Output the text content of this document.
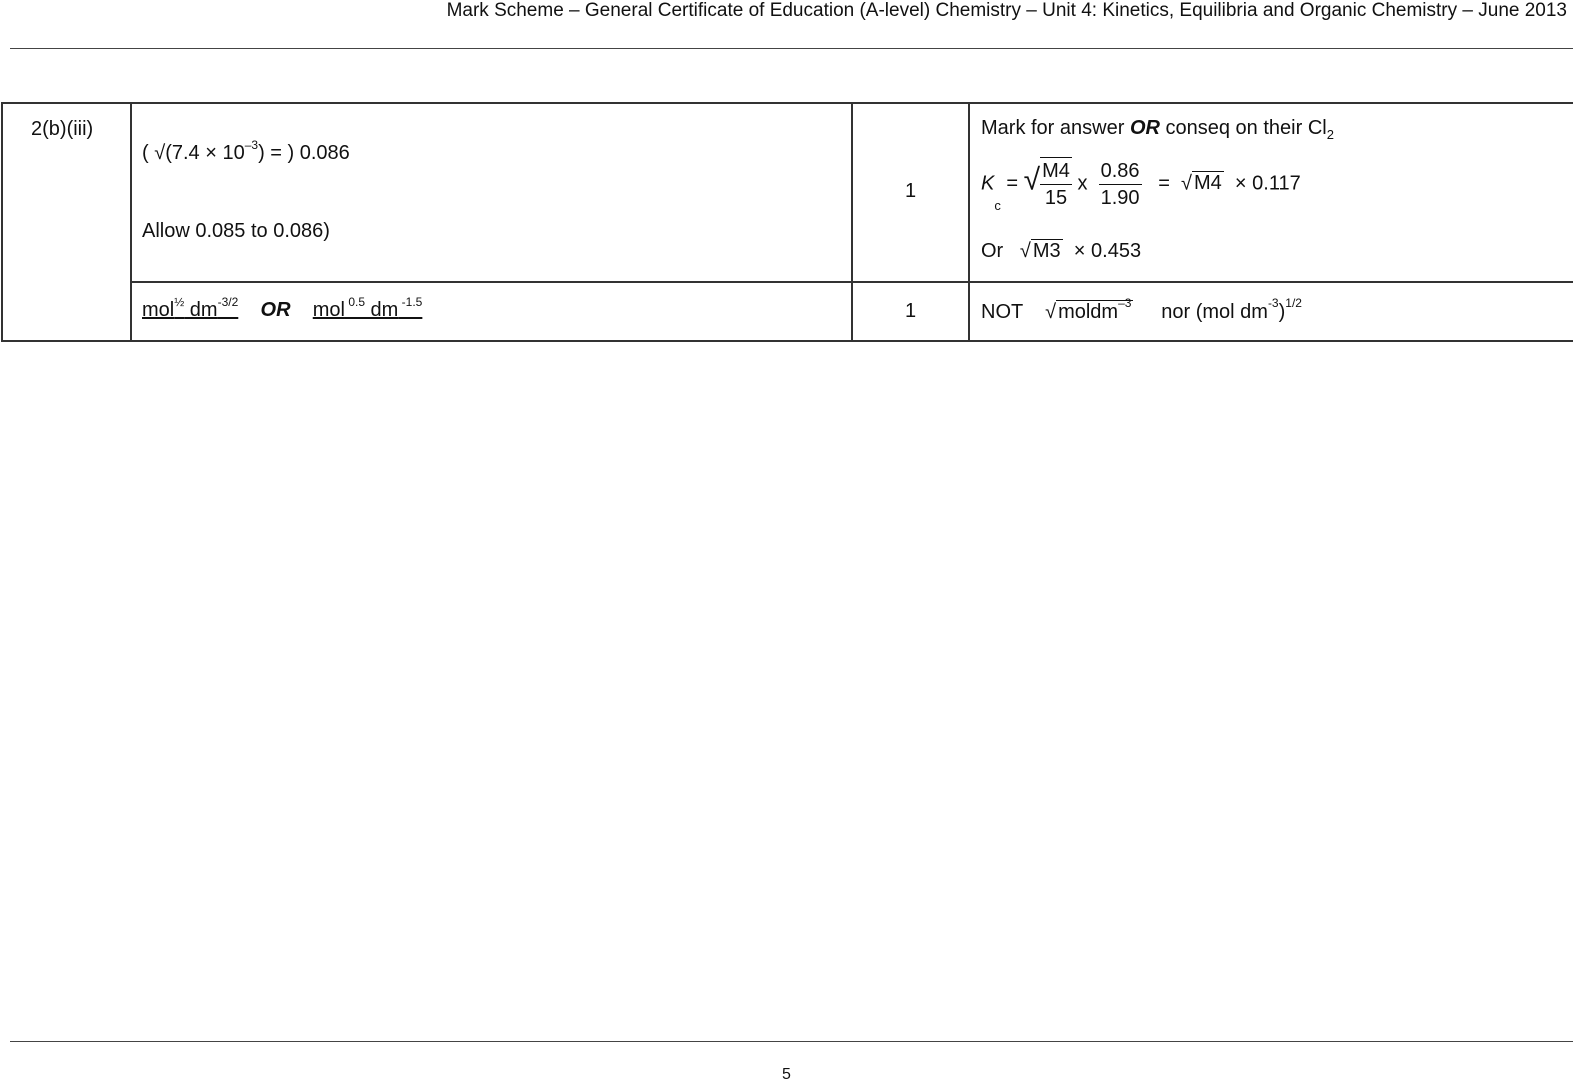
Mark Scheme – General Certificate of Education (A-level) Chemistry – Unit 4: Kinetics, Equilibria and Organic Chemistry – June 2013
2(b)(iii)
( $√(7.4 \times 10^{-3})$ = ) 0.086
Allow 0.085 to 0.086)
1
Mark for answer OR conseq on their $Cl_2$
$K_c$ = √ $\frac{M4}{15}$ x $\frac{0.86}{1.90}$ =  √ M4 × 0.117
Or   √ M3 × 0.453
mol$^{\frac{1}{2}}$ $dm^{-3/2}$ OR mol $^{0.5}$ dm $^{-1.5}$	1	NOT    √ moldm$^{-3}$ nor (mol $dm^{-3})^{1/2}$
5
